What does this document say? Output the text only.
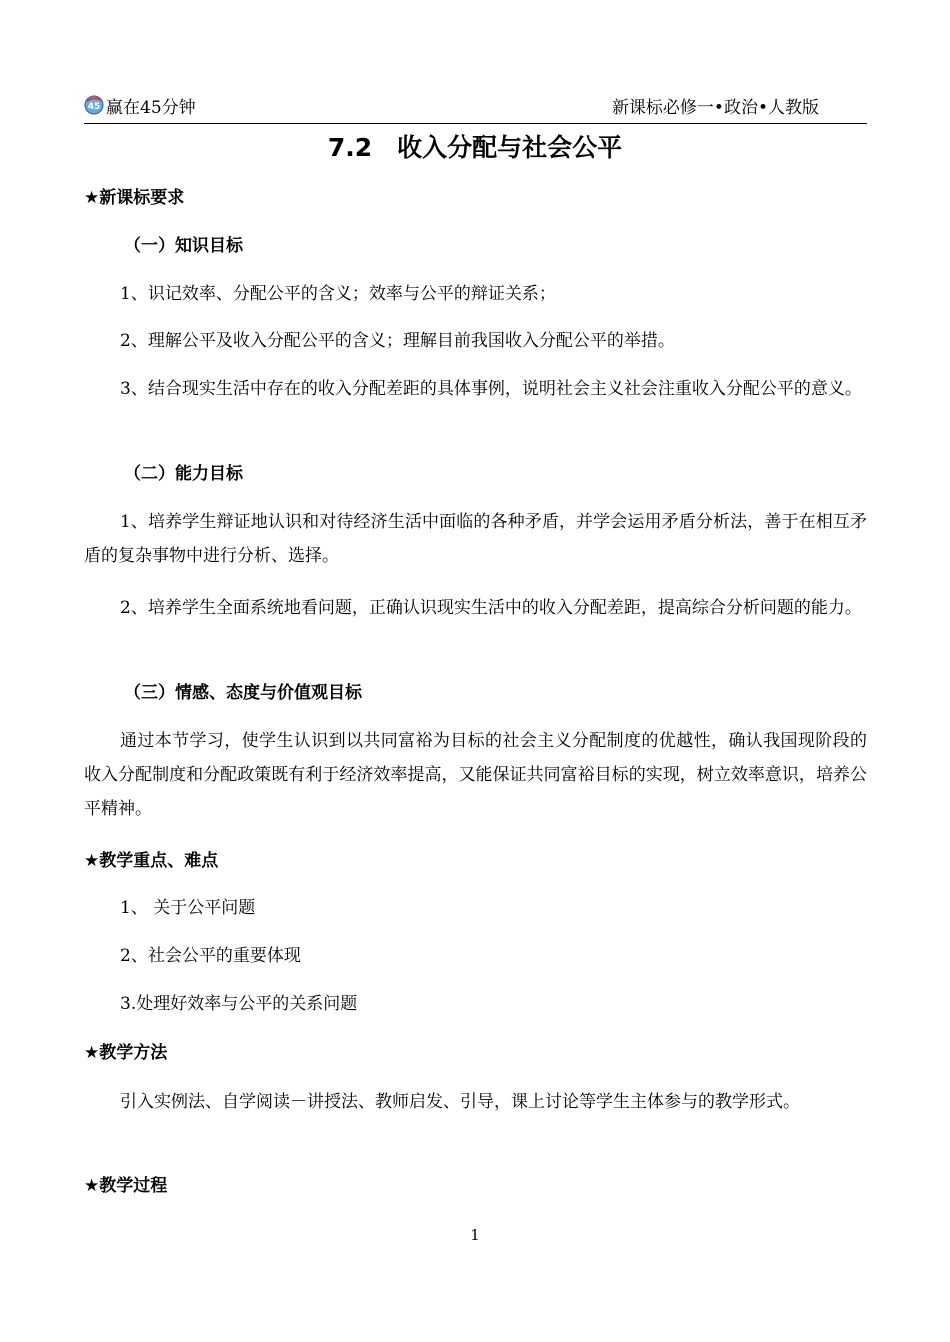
45 赢在45分钟	新课标必修一•政治•人教版
7.2　收入分配与社会公平
★新课标要求
（一）知识目标
1、识记效率、分配公平的含义；效率与公平的辩证关系；
2、理解公平及收入分配公平的含义；理解目前我国收入分配公平的举措。
3、结合现实生活中存在的收入分配差距的具体事例，说明社会主义社会注重收入分配公平的意义。
（二）能力目标
1、培养学生辩证地认识和对待经济生活中面临的各种矛盾，并学会运用矛盾分析法，善于在相互矛盾的复杂事物中进行分析、选择。
2、培养学生全面系统地看问题，正确认识现实生活中的收入分配差距，提高综合分析问题的能力。
（三）情感、态度与价值观目标
通过本节学习，使学生认识到以共同富裕为目标的社会主义分配制度的优越性，确认我国现阶段的收入分配制度和分配政策既有利于经济效率提高，又能保证共同富裕目标的实现，树立效率意识，培养公平精神。
★教学重点、难点
1、 关于公平问题
2、社会公平的重要体现
3.处理好效率与公平的关系问题
★教学方法
引入实例法、自学阅读－讲授法、教师启发、引导，课上讨论等学生主体参与的教学形式。
★教学过程
1
